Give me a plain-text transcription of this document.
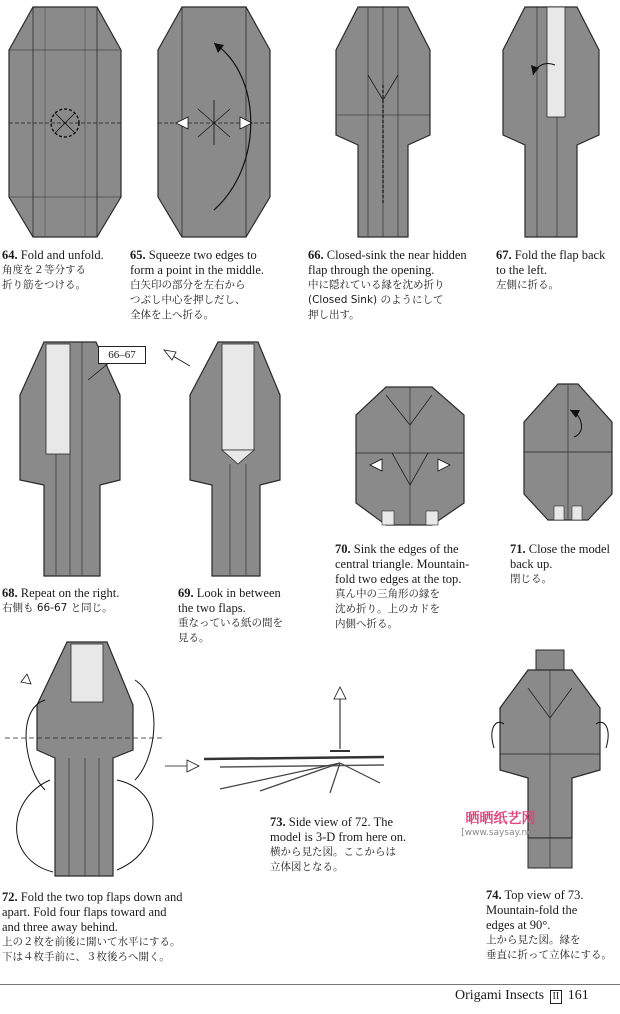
66–67
64. Fold and unfold.
角度を２等分する
折り筋をつける。
65. Squeeze two edges to
form a point in the middle.
白矢印の部分を左右から
つぶし中心を押しだし、
全体を上へ折る。
66. Closed-sink the near hidden
flap through the opening.
中に隠れている縁を沈め折り
(Closed Sink) のようにして
押し出す。
67. Fold the flap back
to the left.
左側に折る。
68. Repeat on the right.
右側も 66-67 と同じ。
69. Look in between
the two flaps.
重なっている紙の間を
見る。
70. Sink the edges of the
central triangle. Mountain-
fold two edges at the top.
真ん中の三角形の縁を
沈め折り。上のカドを
内側へ折る。
71. Close the model
back up.
閉じる。
72. Fold the two top flaps down and
apart. Fold four flaps toward and
and three away behind.
上の２枚を前後に開いて水平にする。
下は４枚手前に、３枚後ろへ開く。
73. Side view of 72. The
model is 3-D from here on.
横から見た図。ここからは
立体図となる。
74. Top view of 73.
Mountain-fold the
edges at 90°.
上から見た図。縁を
垂直に折って立体にする。
晒晒纸艺网
[www.saysay.net]
Origami Insects II 161
